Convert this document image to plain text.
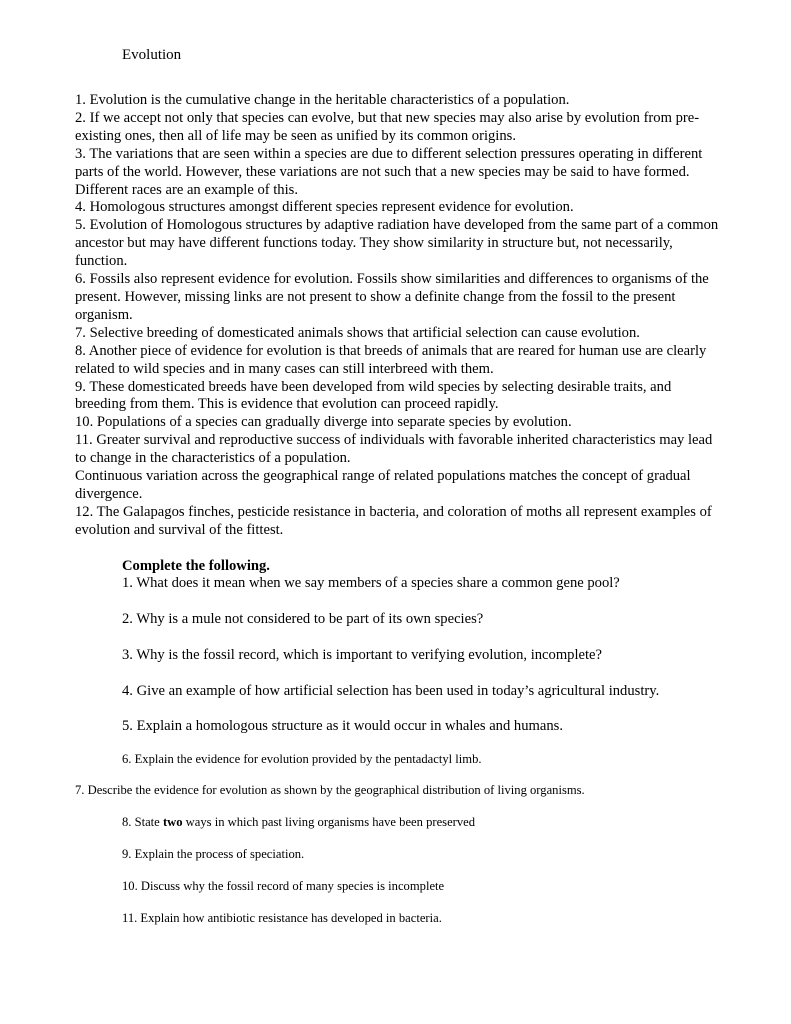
Evolution

1. Evolution is the cumulative change in the heritable characteristics of a population.

2. If we accept not only that species can evolve, but that new species may also arise by evolution from pre-existing ones, then all of life may be seen as unified by its common origins.

3. The variations that are seen within a species are due to different selection pressures operating in different parts of the world. However, these variations are not such that a new species may be said to have formed. Different races are an example of this.

4. Homologous structures amongst different species represent evidence for evolution.

5. Evolution of Homologous structures by adaptive radiation have developed from the same part of a common ancestor but may have different functions today. They show similarity in structure but, not necessarily, function.

6. Fossils also represent evidence for evolution. Fossils show similarities and differences to organisms of the present. However, missing links are not present to show a definite change from the fossil to the present organism.

7. Selective breeding of domesticated animals shows that artificial selection can cause evolution.

8. Another piece of evidence for evolution is that breeds of animals that are reared for human use are clearly related to wild species and in many cases can still interbreed with them.

9. These domesticated breeds have been developed from wild species by selecting desirable traits, and breeding from them. This is evidence that evolution can proceed rapidly.

10. Populations of a species can gradually diverge into separate species by evolution.

11. Greater survival and reproductive success of individuals with favorable inherited characteristics may lead to change in the characteristics of a population.

Continuous variation across the geographical range of related populations matches the concept of gradual divergence.

12. The Galapagos finches, pesticide resistance in bacteria, and coloration of moths all represent examples of evolution and survival of the fittest.

Complete the following.
1. What does it mean when we say members of a species share a common gene pool?
2. Why is a mule not considered to be part of its own species?
3. Why is the fossil record, which is important to verifying evolution, incomplete?
4. Give an example of how artificial selection has been used in today’s agricultural industry.
5. Explain a homologous structure as it would occur in whales and humans.
6. Explain the evidence for evolution provided by the pentadactyl limb.
7. Describe the evidence for evolution as shown by the geographical distribution of living organisms.
8. State two ways in which past living organisms have been preserved
9. Explain the process of speciation.
10. Discuss why the fossil record of many species is incomplete
11. Explain how antibiotic resistance has developed in bacteria.
